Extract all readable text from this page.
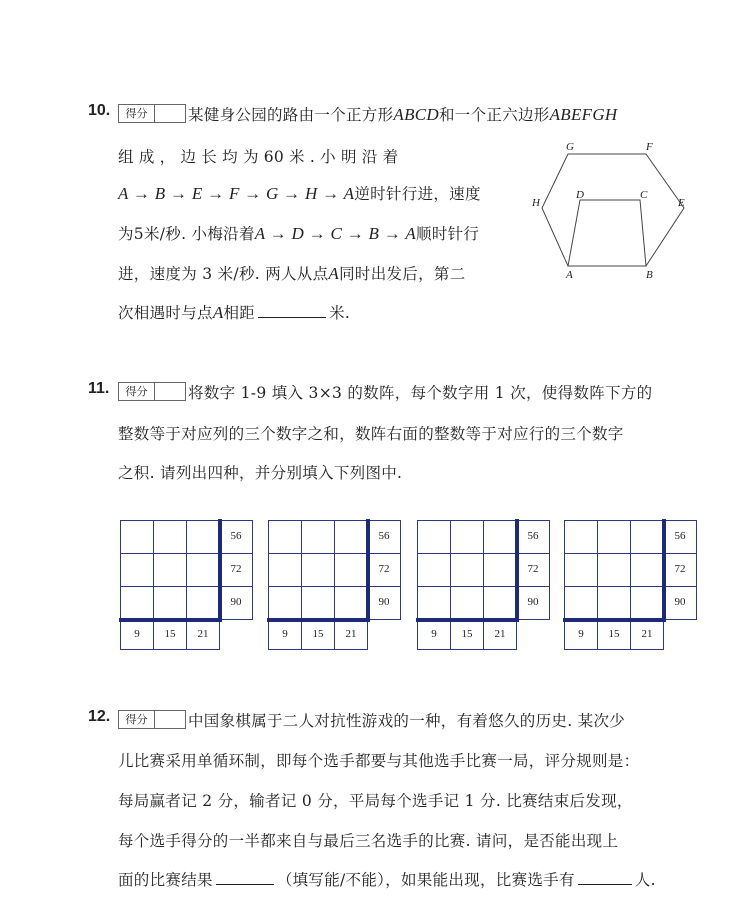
10.	得分	某健身公园的路由一个正方形ABCD和一个正六边形ABEFGH
组 成 ， 边 长 均 为 60 米 . 小 明 沿 着
A → B → E → F → G → H → A逆时针行进，速度
为5米/秒. 小梅沿着A → D → C → B → A顺时针行
进，速度为 3 米/秒. 两人从点A同时出发后，第二
次相遇时与点A相距	米.
G	F
H
D	C
E
A	B
11.	得分	将数字 1-9 填入 3×3 的数阵，每个数字用 1 次，使得数阵下方的
整数等于对应列的三个数字之和，数阵右面的整数等于对应行的三个数字
之积. 请列出四种，并分别填入下列图中.
56
72
90
9	15	21
56
72
90
9	15	21
56
72
90
9	15	21
56
72
90
9	15	21
12.	得分	中国象棋属于二人对抗性游戏的一种，有着悠久的历史. 某次少
儿比赛采用单循环制，即每个选手都要与其他选手比赛一局，评分规则是：
每局赢者记 2 分，输者记 0 分，平局每个选手记 1 分. 比赛结束后发现，
每个选手得分的一半都来自与最后三名选手的比赛. 请问，是否能出现上
面的比赛结果	（填写能/不能），如果能出现，比赛选手有	人.
